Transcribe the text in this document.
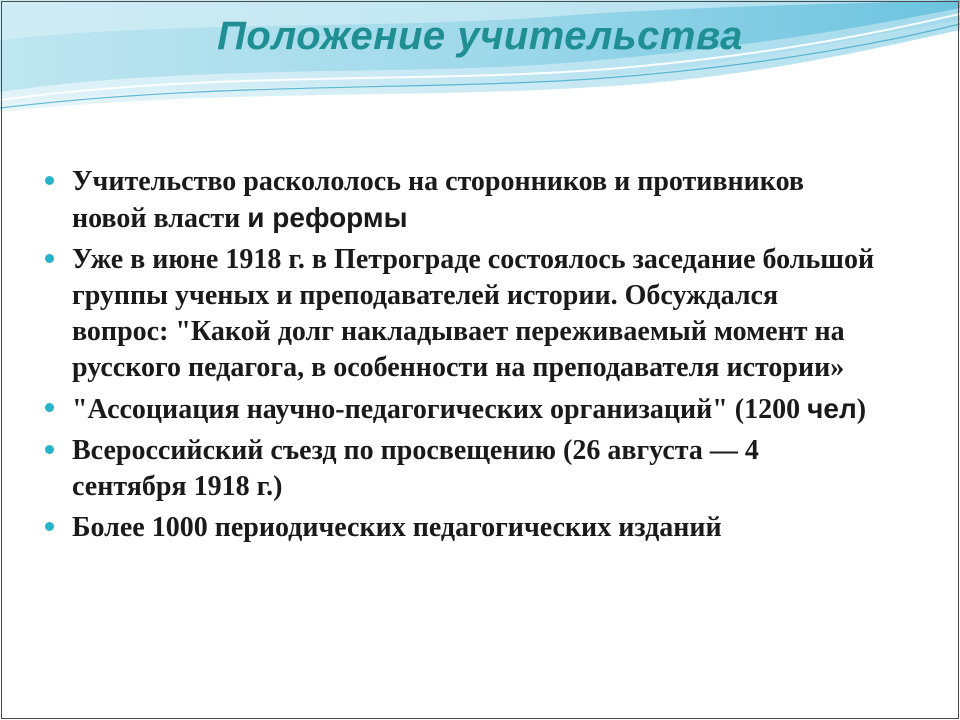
Положение учительства
Учительство раскололось на сторонников и противников новой власти и реформы
Уже в июне 1918 г. в Петрограде состоялось заседание большой группы ученых и преподавателей истории. Обсуждался вопрос: "Какой долг накладывает переживаемый момент на русского педагога, в особенности на преподавателя истории»
"Ассоциация научно-педагогических организаций" (1200 чел)
Всероссийский съезд по просвещению (26 августа — 4 сентября 1918 г.)
Более 1000 периодических педагогических изданий
